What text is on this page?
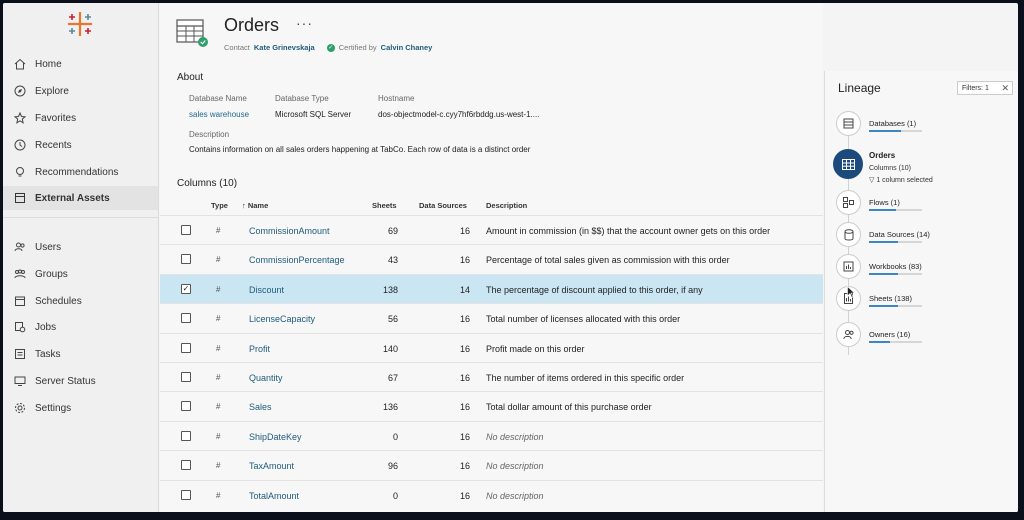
Home
Explore
Favorites
Recents
Recommendations
External Assets
Users
Groups
Schedules
Jobs
Tasks
Server Status
Settings
Orders ···
Contact Kate Grinevskaja ✓ Certified by Calvin Chaney
About
Database Name
sales warehouse
Database Type
Microsoft SQL Server
Hostname
dos-objectmodel-c.cyy7hf6rbddg.us-west-1....
Description
Contains information on all sales orders happening at TabCo. Each row of data is a distinct order
Columns (10)
Type ↑ Name	Sheets	Data Sources	Description
#	CommissionAmount	69	16 Amount in commission (in $$) that the account owner gets on this order
#	CommissionPercentage	43	16 Percentage of total sales given as commission with this order
✓	#	Discount	138	14 The percentage of discount applied to this order, if any
#	LicenseCapacity	56	16 Total number of licenses allocated with this order
#	Profit	140	16 Profit made on this order
#	Quantity	67	16 The number of items ordered in this specific order
#	Sales	136	16 Total dollar amount of this purchase order
#	ShipDateKey	0	16 No description
#	TaxAmount	96	16 No description
#	TotalAmount	0	16 No description
Lineage	Filters: 1 ✕
Databases (1)
Orders
Columns (10)
▽ 1 column selected
Flows (1)
Data Sources (14)
Workbooks (83)
Sheets (138)
Owners (16)
